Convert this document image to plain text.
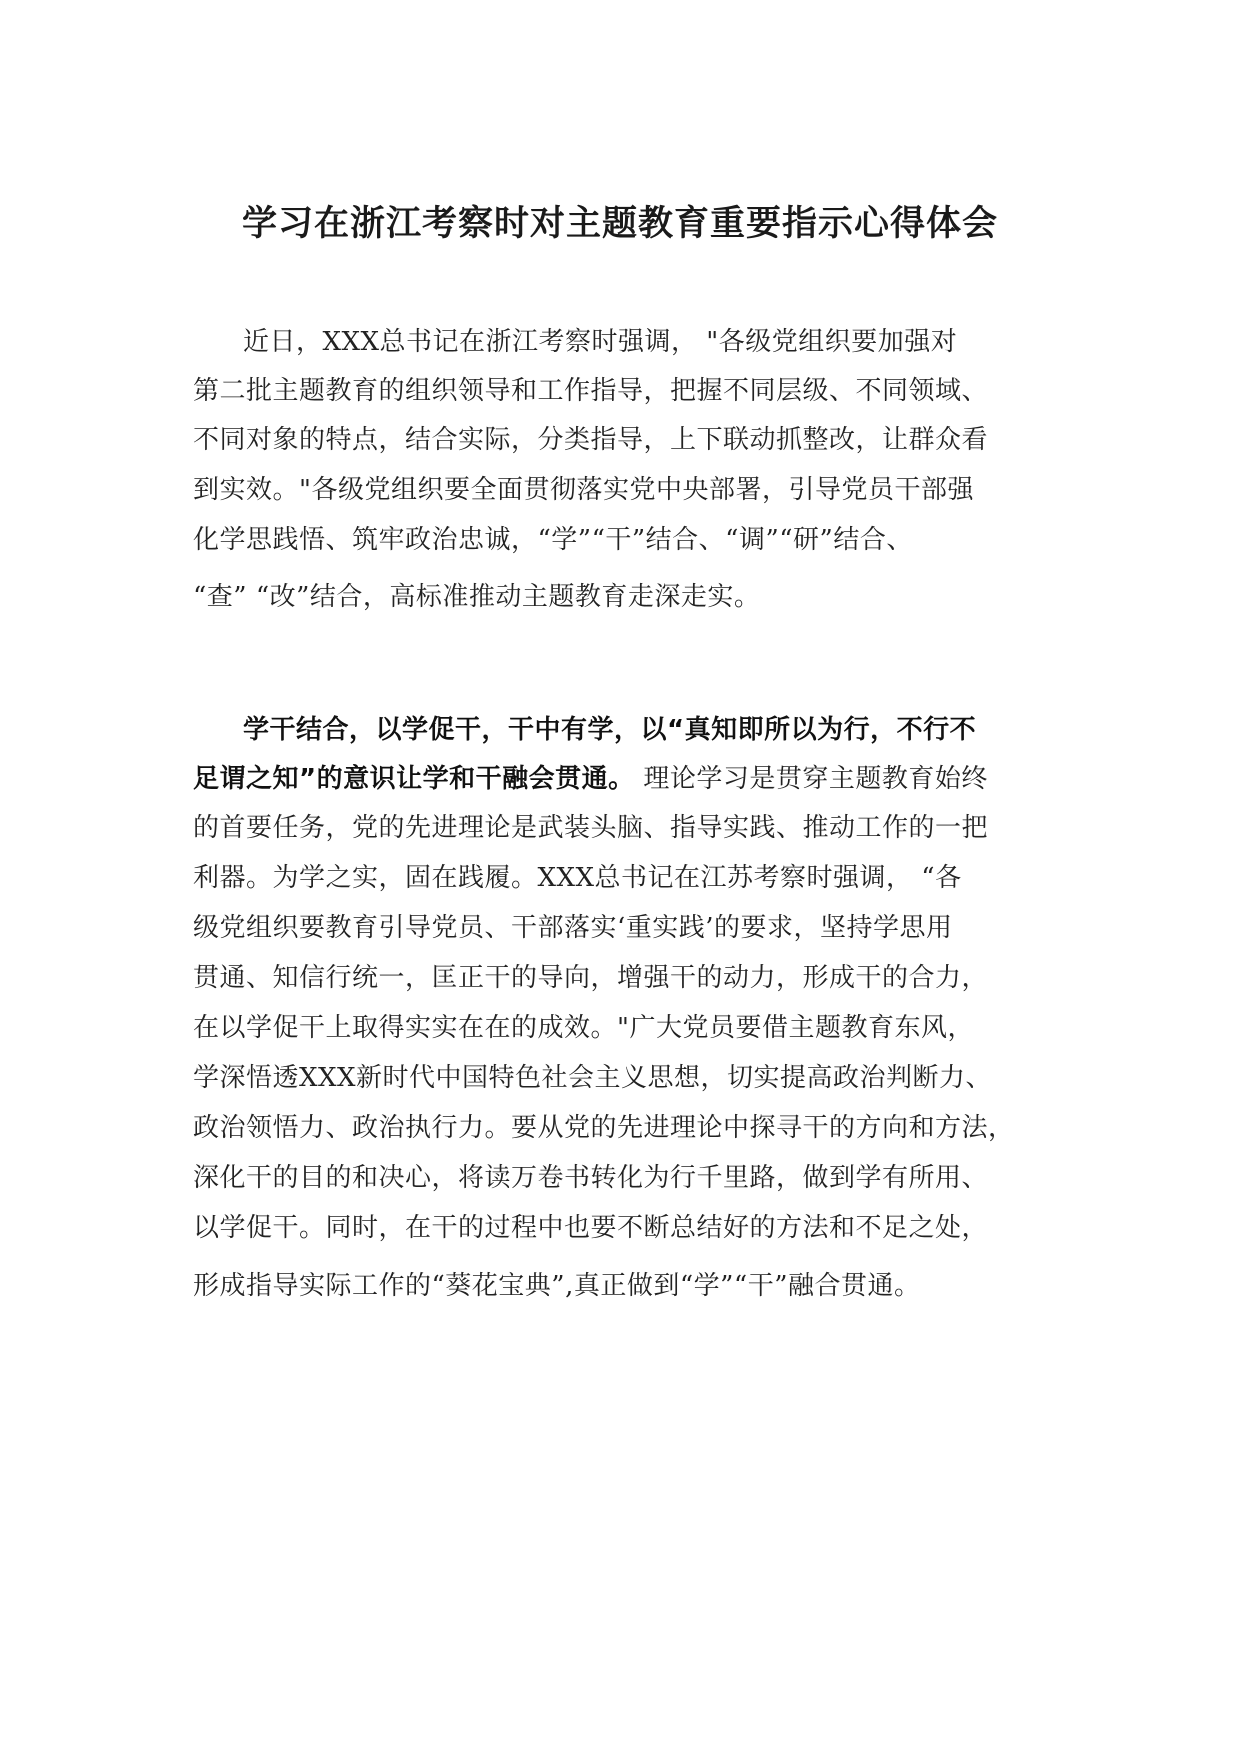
学习在浙江考察时对主题教育重要指示心得体会
近日，XXX总书记在浙江考察时强调， "各级党组织要加强对
第二批主题教育的组织领导和工作指导，把握不同层级、不同领域、
不同对象的特点，结合实际，分类指导，上下联动抓整改，让群众看
到实效。"各级党组织要全面贯彻落实党中央部署，引导党员干部强
化学思践悟、筑牢政治忠诚，“学”“干”结合、“调”“研”结合、
“查” “改”结合，高标准推动主题教育走深走实。
学干结合，以学促干，干中有学，以“真知即所以为行，不行不
足谓之知”的意识让学和干融会贯通。 理论学习是贯穿主题教育始终
的首要任务，党的先进理论是武装头脑、指导实践、推动工作的一把
利器。为学之实，固在践履。XXX总书记在江苏考察时强调， “各
级党组织要教育引导党员、干部落实‘重实践’的要求，坚持学思用
贯通、知信行统一，匡正干的导向，增强干的动力，形成干的合力，
在以学促干上取得实实在在的成效。"广大党员要借主题教育东风，
学深悟透XXX新时代中国特色社会主义思想，切实提高政治判断力、
政治领悟力、政治执行力。要从党的先进理论中探寻干的方向和方法，
深化干的目的和决心，将读万卷书转化为行千里路，做到学有所用、
以学促干。同时，在干的过程中也要不断总结好的方法和不足之处，
形成指导实际工作的“葵花宝典”,真正做到“学”“干”融合贯通。
